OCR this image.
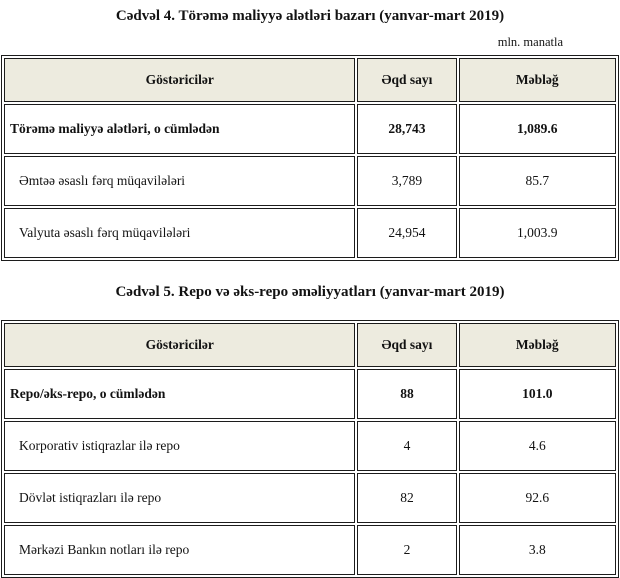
Cədvəl 4. Törəmə maliyyə alətləri bazarı (yanvar-mart 2019)
mln. manatla
Göstəricilər	Əqd sayı	Məbləğ
Törəmə maliyyə alətləri, o cümlədən	28,743	1,089.6
Əmtəə əsaslı fərq müqavilələri	3,789	85.7
Valyuta əsaslı fərq müqavilələri	24,954	1,003.9
Cədvəl 5. Repo və əks-repo əməliyyatları (yanvar-mart 2019)
Göstəricilər	Əqd sayı	Məbləğ
Repo/əks-repo, o cümlədən	88	101.0
Korporativ istiqrazlar ilə repo	4	4.6
Dövlət istiqrazları ilə repo	82	92.6
Mərkəzi Bankın notları ilə repo	2	3.8
